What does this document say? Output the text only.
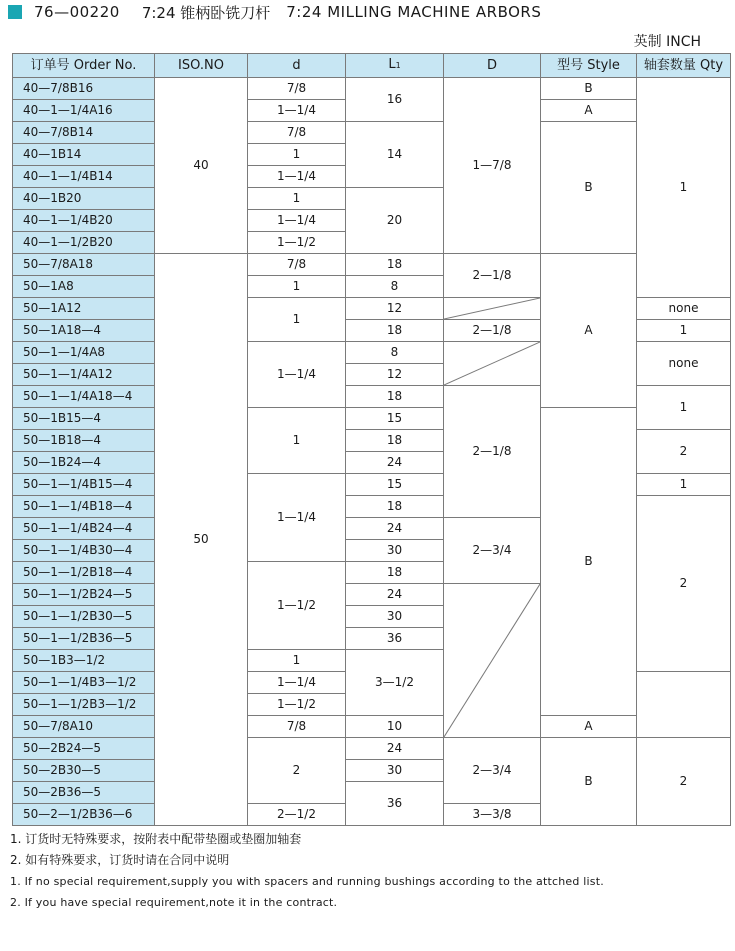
76—00220 7:24 锥柄卧铣刀杆 7:24 MILLING MACHINE ARBORS
英制 INCH
订单号 Order No.	ISO.NO	d	L1	D	型号 Style	轴套数量 Qty	
40—7/8B16	40	7/8	16	1—7/8	B	1	
40—1—1/4A16		1—1/4			A		
40—7/8B14		7/8	14		B		
40—1B14		1					
40—1—1/4B14		1—1/4					
40—1B20		1	20				
40—1—1/4B20		1—1/4					
40—1—1/2B20		1—1/2					
50—7/8A18	50	7/8	18	2—1/8	A		
50—1A8		1	8				
50—1A12		1	12			none	
50—1A18—4			18	2—1/8		1	
50—1—1/4A8		1—1/4	8			none	
50—1—1/4A12			12				
50—1—1/4A18—4			18	2—1/8		1	
50—1B15—4		1	15		B		
50—1B18—4			18			2	
50—1B24—4			24				
50—1—1/4B15—4		1—1/4	15			1	
50—1—1/4B18—4			18			2	
50—1—1/4B24—4			24	2—3/4			
50—1—1/4B30—4			30				
50—1—1/2B18—4		1—1/2	18				
50—1—1/2B24—5			24	

50—1—1/2B30—5			30				
50—1—1/2B36—5			36				
50—1B3—1/2		1	3—1/2	
50—1—1/4B3—1/2		1—1/4					
50—1—1/2B3—1/2		1—1/2					
50—7/8A10		7/8	10		A		
50—2B24—5		2	24	2—3/4	B	2	
50—2B30—5			30				
50—2B36—5			36				
50—2—1/2B36—6		2—1/2		3—3/8			
1. 订货时无特殊要求，按附表中配带垫圈或垫圈加轴套
2. 如有特殊要求，订货时请在合同中说明
1. If no special requirement,supply you with spacers and running bushings according to the attched list.
2. If you have special requirement,note it in the contract.
